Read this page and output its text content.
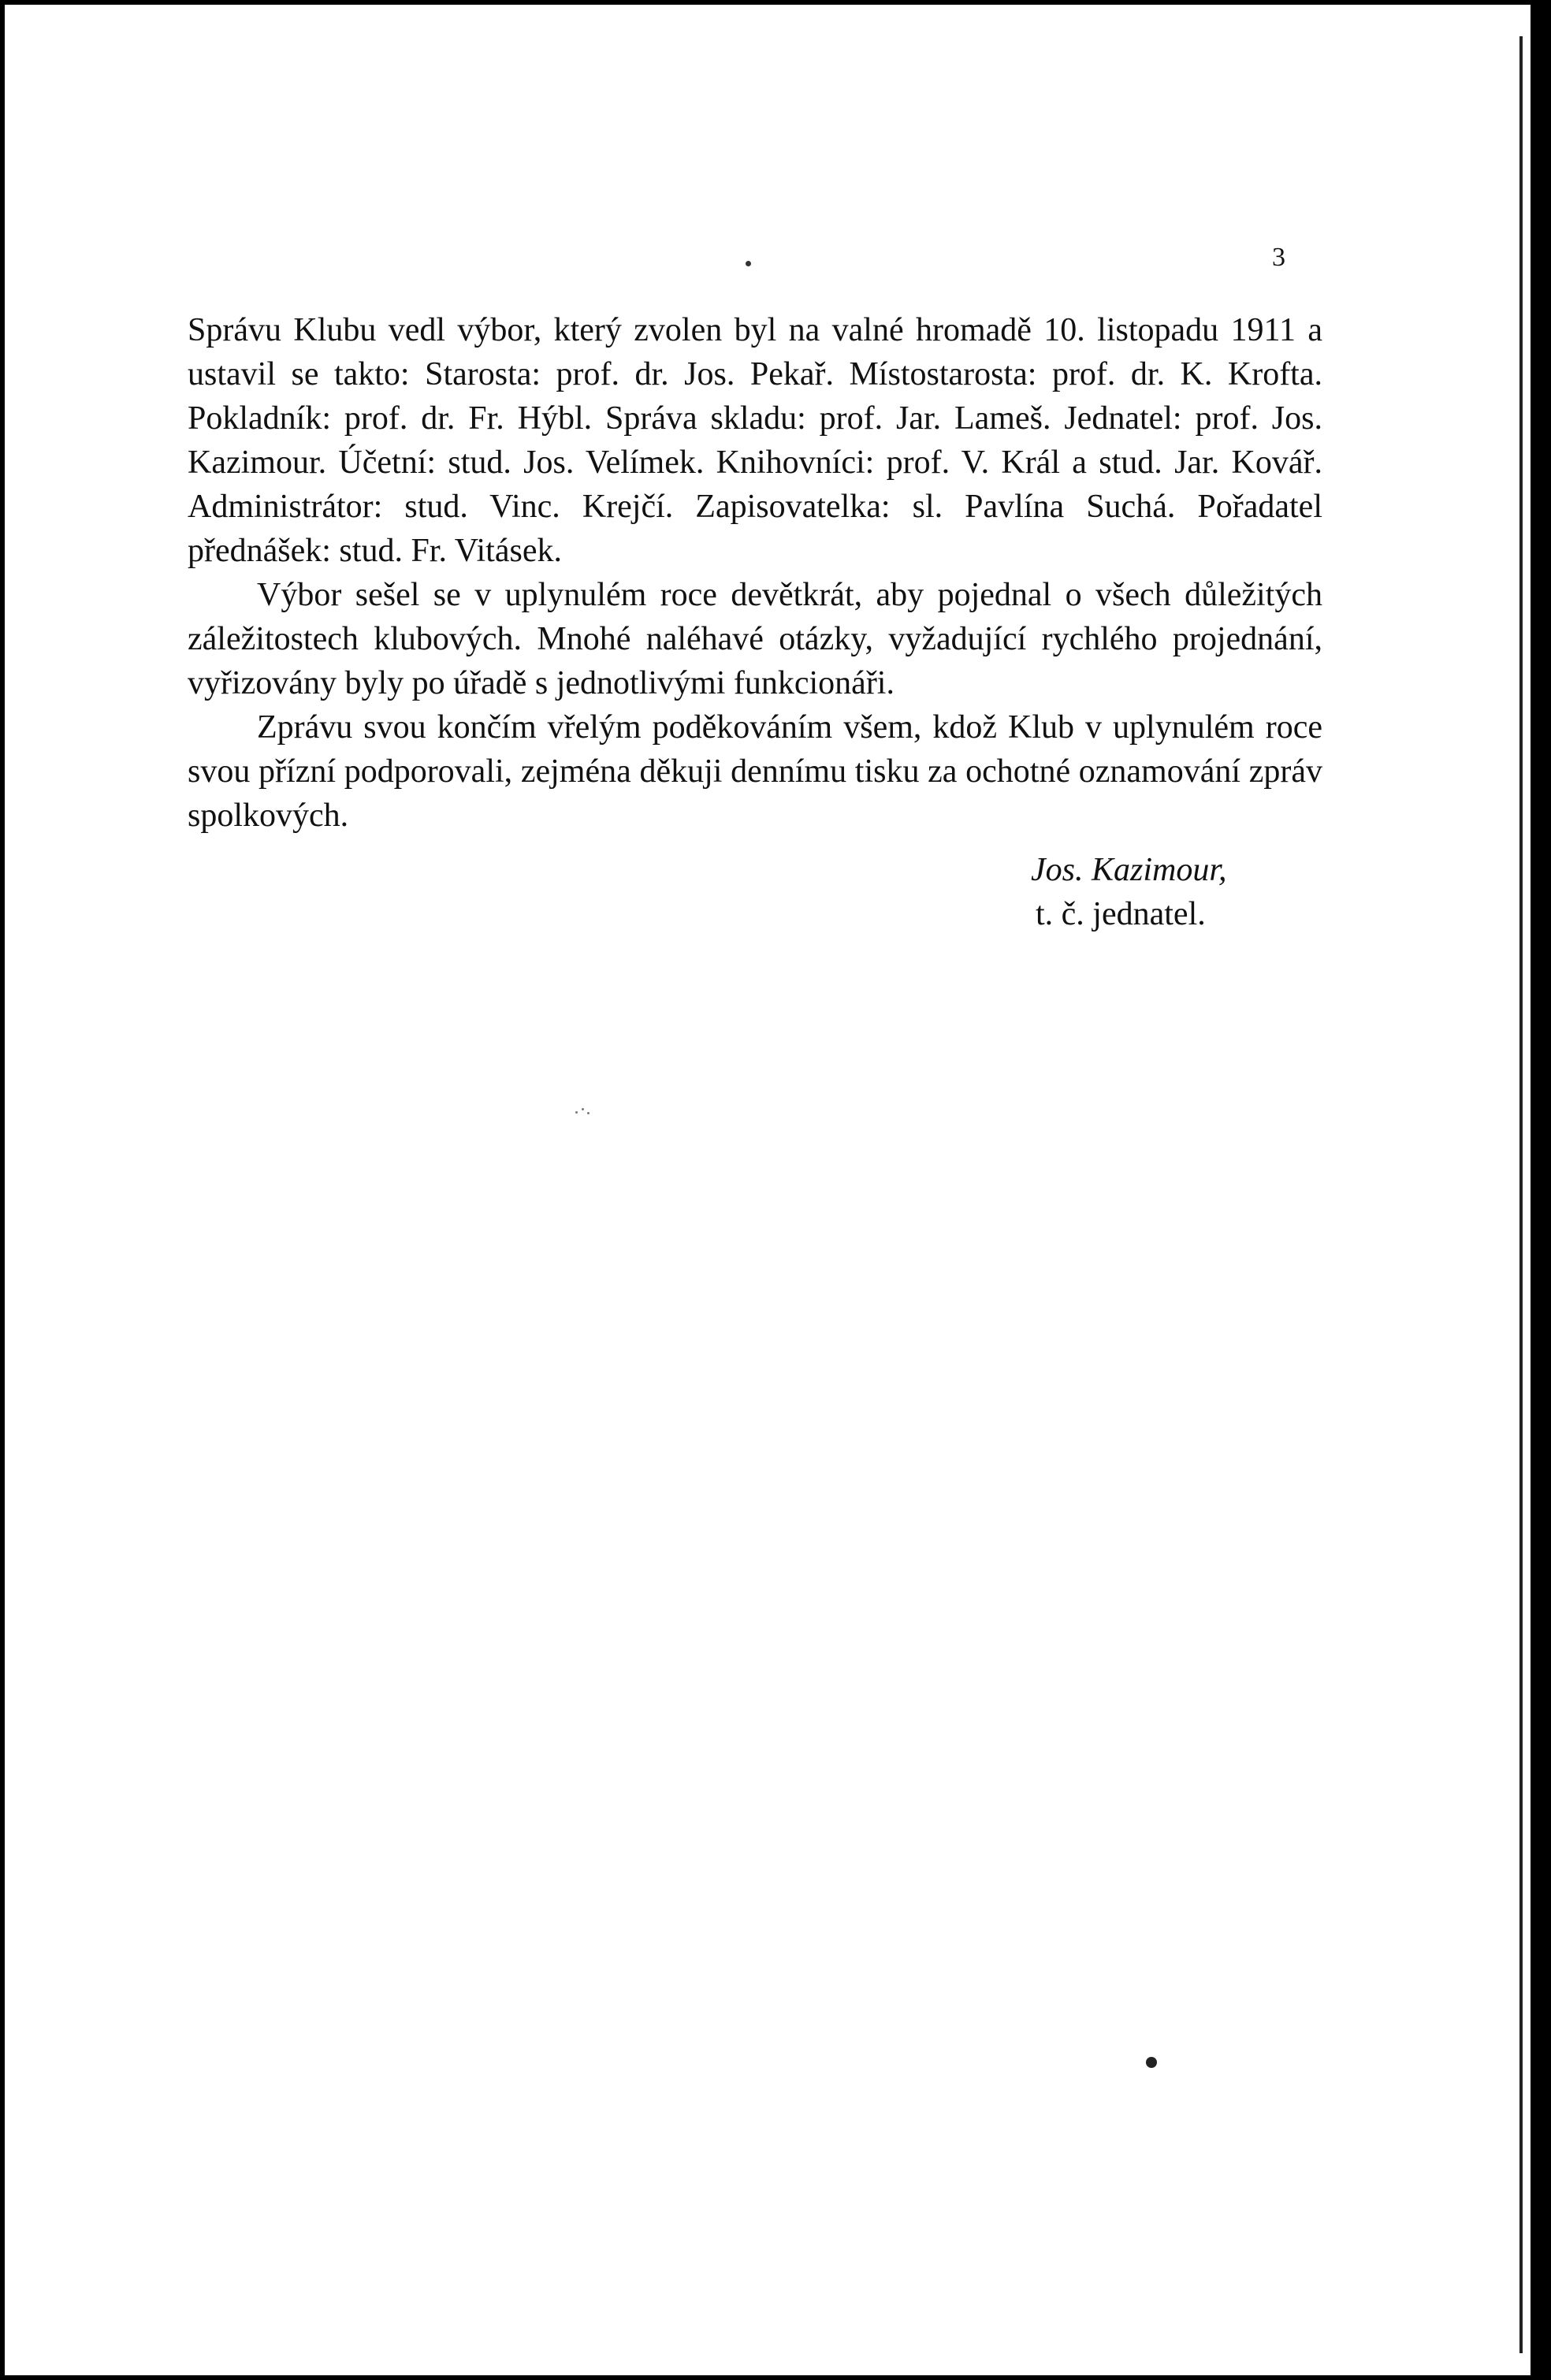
3

Správu Klubu vedl výbor, který zvolen byl na valné hromadě 10. listopadu 1911 a ustavil se takto: Starosta: prof. dr. Jos. Pekař. Místostarosta: prof. dr. K. Krofta. Pokladník: prof. dr. Fr. Hýbl. Správa skladu: prof. Jar. Lameš. Jednatel: prof. Jos. Kazimour. Účetní: stud. Jos. Velímek. Knihovníci: prof. V. Král a stud. Jar. Kovář. Administrátor: stud. Vinc. Krejčí. Zapisovatelka: sl. Pavlína Suchá. Pořadatel přednášek: stud. Fr. Vitásek.

Výbor sešel se v uplynulém roce devětkrát, aby pojednal o všech důležitých záležitostech klubových. Mnohé naléhavé otázky, vyžadující rychlého projednání, vyřizovány byly po úřadě s jednotlivými funkcionáři.

Zprávu svou končím vřelým poděkováním všem, kdož Klub v uplynulém roce svou přízní podporovali, zejména děkuji dennímu tisku za ochotné oznamování zpráv spolkových.

Jos. Kazimour,
t. č. jednatel.
